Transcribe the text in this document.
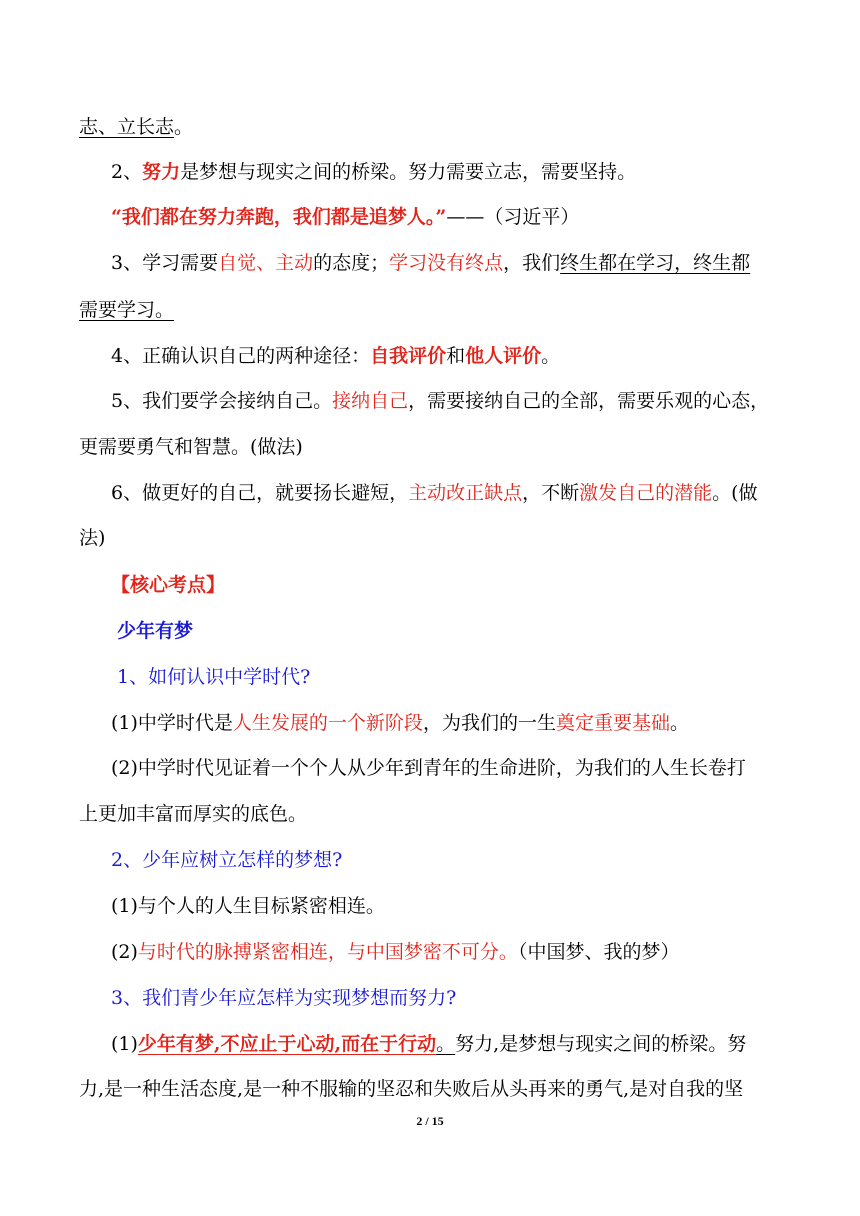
志、立长志。
2、努力是梦想与现实之间的桥梁。努力需要立志，需要坚持。
“我们都在努力奔跑，我们都是追梦人。”——（习近平）
3、学习需要自觉、主动的态度；学习没有终点，我们终生都在学习，终生都
需要学习。
4、正确认识自己的两种途径：自我评价和他人评价。
5、我们要学会接纳自己。接纳自己，需要接纳自己的全部，需要乐观的心态，
更需要勇气和智慧。(做法)
6、做更好的自己，就要扬长避短，主动改正缺点，不断激发自己的潜能。(做
法)
【核心考点】
少年有梦
1、如何认识中学时代?
(1)中学时代是人生发展的一个新阶段，为我们的一生奠定重要基础。
(2)中学时代见证着一个个人从少年到青年的生命进阶，为我们的人生长卷打
上更加丰富而厚实的底色。
2、少年应树立怎样的梦想?
(1)与个人的人生目标紧密相连。
(2)与时代的脉搏紧密相连，与中国梦密不可分。（中国梦、我的梦）
3、我们青少年应怎样为实现梦想而努力?
(1)少年有梦,不应止于心动,而在于行动。努力,是梦想与现实之间的桥梁。努
力,是一种生活态度,是一种不服输的坚忍和失败后从头再来的勇气,是对自我的坚
2 / 15
